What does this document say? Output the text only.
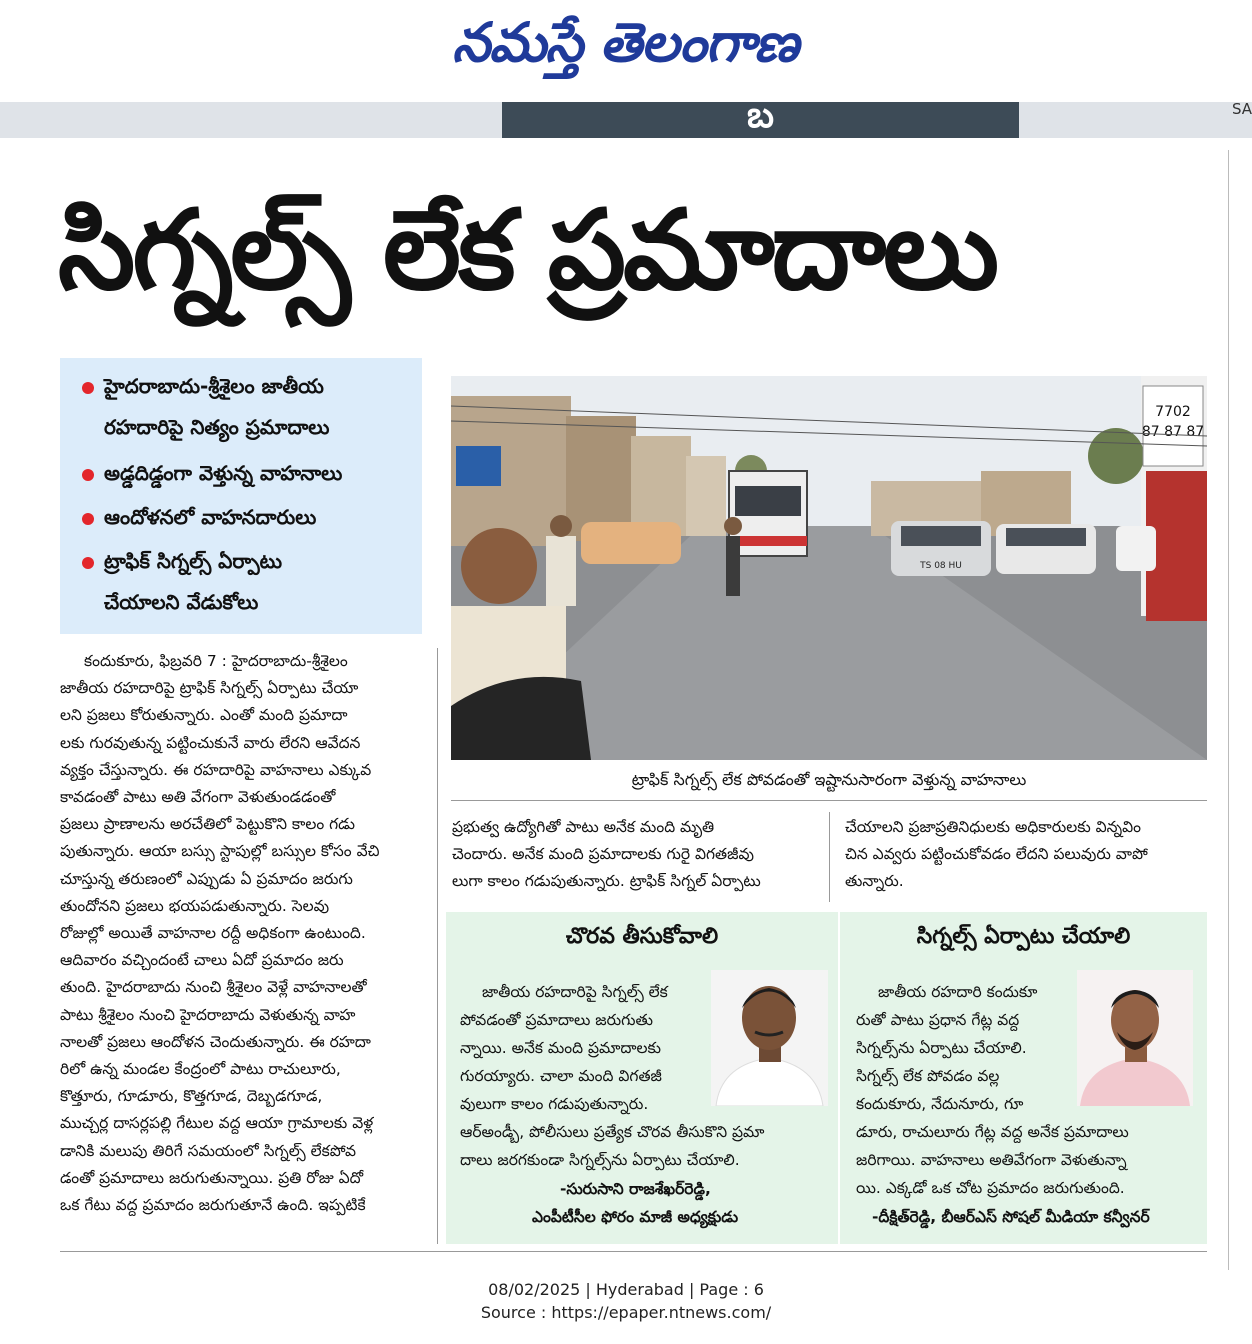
నమస్తే తెలంగాణ
బ	SA
సిగ్నల్స్ లేక ప్రమాదాలు
హైదరాబాదు-శ్రీశైలం జాతీయ
రహదారిపై నిత్యం ప్రమాదాలు
అడ్డదిడ్డంగా వెళ్తున్న వాహనాలు
ఆందోళనలో వాహనదారులు
ట్రాఫిక్ సిగ్నల్స్ ఏర్పాటు
చేయాలని వేడుకోలు
7702
87 87 87
TS 08 HU
ట్రాఫిక్ సిగ్నల్స్ లేక పోవడంతో ఇష్టానుసారంగా వెళ్తున్న వాహనాలు

కందుకూరు, ఫిబ్రవరి 7 : హైదరాబాదు-శ్రీశైలం

జాతీయ రహదారిపై ట్రాఫిక్ సిగ్నల్స్ ఏర్పాటు చేయా

లని ప్రజలు కోరుతున్నారు. ఎంతో మంది ప్రమాదా

లకు గురవుతున్న పట్టించుకునే వారు లేరని ఆవేదన

వ్యక్తం చేస్తున్నారు. ఈ రహదారిపై వాహనాలు ఎక్కువ

కావడంతో పాటు అతి వేగంగా వెళుతుండడంతో

ప్రజలు ప్రాణాలను అరచేతిలో పెట్టుకొని కాలం గడు

పుతున్నారు. ఆయా బస్సు స్టాపుల్లో బస్సుల కోసం వేచి

చూస్తున్న తరుణంలో ఎప్పుడు ఏ ప్రమాదం జరుగు

తుందోనని ప్రజలు భయపడుతున్నారు. సెలవు

రోజుల్లో అయితే వాహనాల రద్దీ అధికంగా ఉంటుంది.

ఆదివారం వచ్చిందంటే చాలు ఏదో ప్రమాదం జరు

తుంది. హైదరాబాదు నుంచి శ్రీశైలం వెళ్లే వాహనాలతో

పాటు శ్రీశైలం నుంచి హైదరాబాదు వెళుతున్న వాహ

నాలతో ప్రజలు ఆందోళన చెందుతున్నారు. ఈ రహదా

రిలో ఉన్న మండల కేంద్రంలో పాటు రాచులూరు,

కొత్తూరు, గూడూరు, కొత్తగూడ, దెబ్బడగూడ,

ముచ్చర్ల దాసర్లపల్లి గేటుల వద్ద ఆయా గ్రామాలకు వెళ్ల

డానికి మలుపు తిరిగే సమయంలో సిగ్నల్స్ లేకపోవ

డంతో ప్రమాదాలు జరుగుతున్నాయి. ప్రతి రోజు ఏదో

ఒక గేటు వద్ద ప్రమాదం జరుగుతూనే ఉంది. ఇప్పటికే

ప్రభుత్వ ఉద్యోగితో పాటు అనేక మంది మృతి

చెందారు. అనేక మంది ప్రమాదాలకు గురై విగతజీవు

లుగా కాలం గడుపుతున్నారు. ట్రాఫిక్ సిగ్నల్ ఏర్పాటు

చేయాలని ప్రజాప్రతినిధులకు అధికారులకు విన్నవిం

చిన ఎవ్వరు పట్టించుకోవడం లేదని పలువురు వాపో

తున్నారు.

చొరవ తీసుకోవాలి
జాతీయ రహదారిపై సిగ్నల్స్ లేక
పోవడంతో ప్రమాదాలు జరుగుతు
న్నాయి. అనేక మంది ప్రమాదాలకు
గురయ్యారు. చాలా మంది విగతజీ
వులుగా కాలం గడుపుతున్నారు.
ఆర్అండ్బీ, పోలీసులు ప్రత్యేక చొరవ తీసుకొని ప్రమా
దాలు జరగకుండా సిగ్నల్స్‌ను ఏర్పాటు చేయాలి.
-సురుసాని రాజశేఖర్‌రెడ్డి,
ఎంపీటీసీల ఫోరం మాజీ అధ్యక్షుడు
సిగ్నల్స్ ఏర్పాటు చేయాలి
జాతీయ రహదారి కందుకూ
రుతో పాటు ప్రధాన గేట్ల వద్ద
సిగ్నల్స్‌ను ఏర్పాటు చేయాలి.
సిగ్నల్స్ లేక పోవడం వల్ల
కందుకూరు, నేదునూరు, గూ
డూరు, రాచులూరు గేట్ల వద్ద అనేక ప్రమాదాలు
జరిగాయి. వాహనాలు అతివేగంగా వెళుతున్నా
యి. ఎక్కడో ఒక చోట ప్రమాదం జరుగుతుంది.
-దీక్షిత్‌రెడ్డి, బీఆర్ఎస్ సోషల్ మీడియా కన్వీనర్
08/02/2025 | Hyderabad | Page : 6
Source : https://epaper.ntnews.com/
